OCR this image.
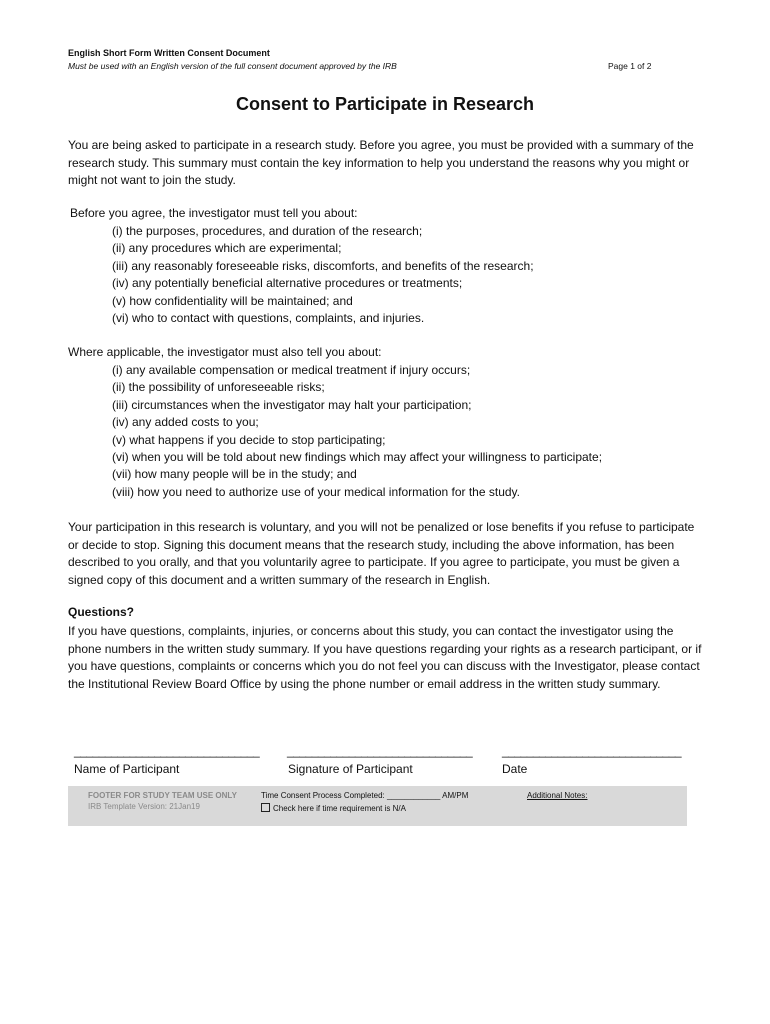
English Short Form Written Consent Document
Must be used with an English version of the full consent document approved by the IRB	Page 1 of 2
Consent to Participate in Research
You are being asked to participate in a research study. Before you agree, you must be provided with a summary of the research study. This summary must contain the key information to help you understand the reasons why you might or might not want to join the study.
Before you agree, the investigator must tell you about:
(i) the purposes, procedures, and duration of the research;
(ii) any procedures which are experimental;
(iii) any reasonably foreseeable risks, discomforts, and benefits of the research;
(iv) any potentially beneficial alternative procedures or treatments;
(v) how confidentiality will be maintained; and
(vi) who to contact with questions, complaints, and injuries.
Where applicable, the investigator must also tell you about:
(i) any available compensation or medical treatment if injury occurs;
(ii) the possibility of unforeseeable risks;
(iii) circumstances when the investigator may halt your participation;
(iv) any added costs to you;
(v) what happens if you decide to stop participating;
(vi) when you will be told about new findings which may affect your willingness to participate;
(vii) how many people will be in the study; and
(viii) how you need to authorize use of your medical information for the study.
Your participation in this research is voluntary, and you will not be penalized or lose benefits if you refuse to participate or decide to stop. Signing this document means that the research study, including the above information, has been described to you orally, and that you voluntarily agree to participate. If you agree to participate, you must be given a signed copy of this document and a written summary of the research in English.
Questions?
If you have questions, complaints, injuries, or concerns about this study, you can contact the investigator using the phone numbers in the written study summary. If you have questions regarding your rights as a research participant, or if you have questions, complaints or concerns which you do not feel you can discuss with the Investigator, please contact the Institutional Review Board Office by using the phone number or email address in the written study summary.
______________________________ ______________________________ _____________________________
Name of Participant	Signature of Participant	Date
FOOTER FOR STUDY TEAM USE ONLY
IRB Template Version: 21Jan19
Time Consent Process Completed: ____________ AM/PM
Check here if time requirement is N/A
Additional Notes:
